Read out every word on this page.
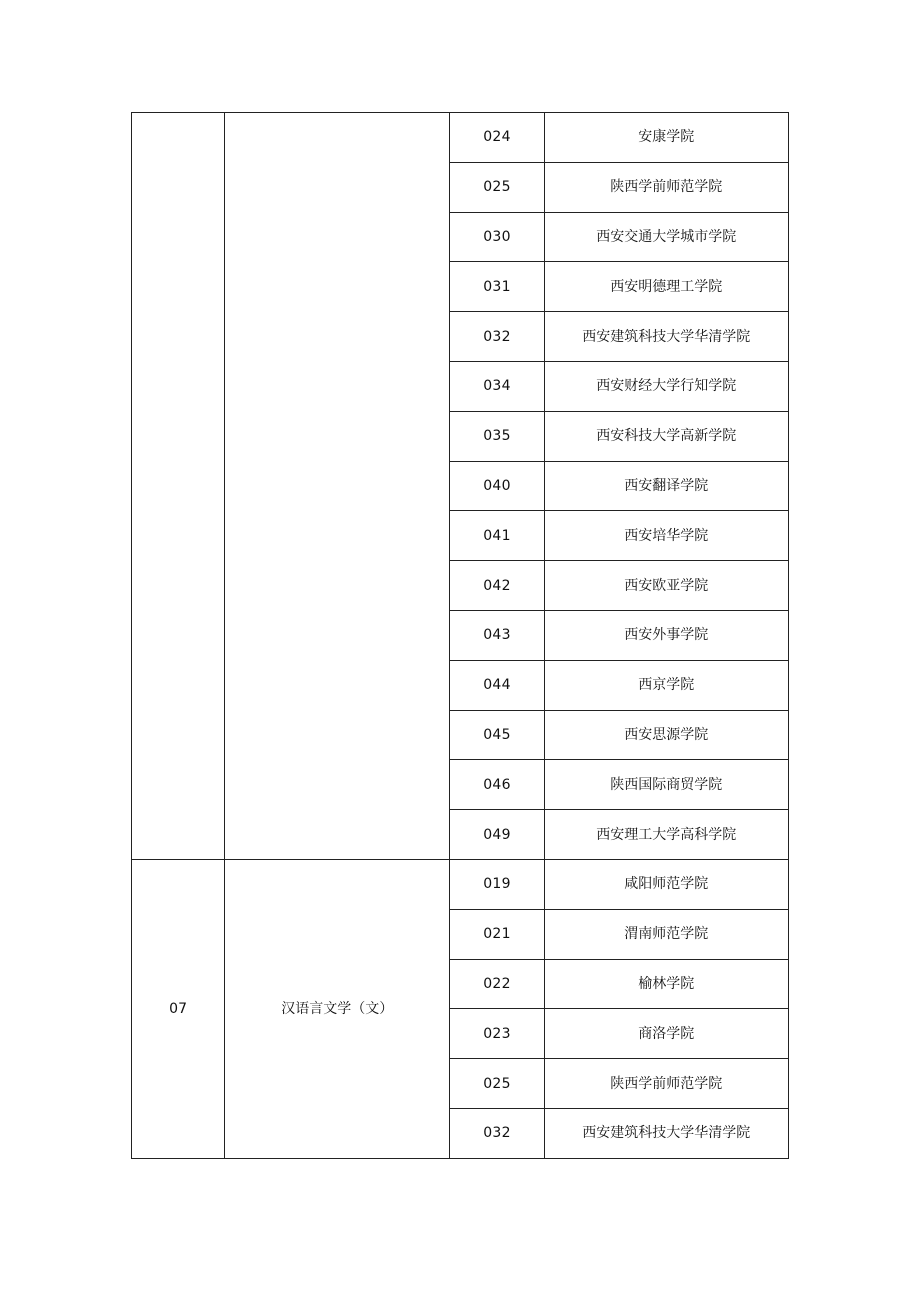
		024	安康学院
		025	陕西学前师范学院
		030	西安交通大学城市学院
		031	西安明德理工学院
		032	西安建筑科技大学华清学院
		034	西安财经大学行知学院
		035	西安科技大学高新学院
		040	西安翻译学院
		041	西安培华学院
		042	西安欧亚学院
		043	西安外事学院
		044	西京学院
		045	西安思源学院
		046	陕西国际商贸学院
		049	西安理工大学高科学院
07	汉语言文学（文）	019	咸阳师范学院
		021	渭南师范学院
		022	榆林学院
		023	商洛学院
		025	陕西学前师范学院
		032	西安建筑科技大学华清学院
